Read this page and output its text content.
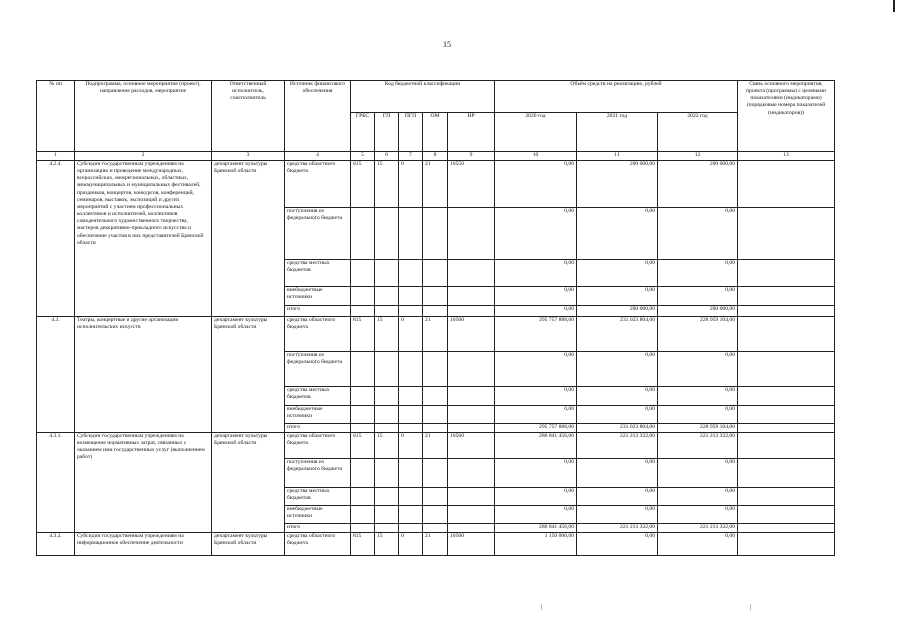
15
№ пп	Подпрограмма, основное мероприятие (проект), направление расходов, мероприятие	Ответственный исполнитель, соисполнитель	Источник финансового обеспечения	Код бюджетной классификации					Объём средств на реализацию, рублей			Связь основного мероприятия, проекта (программы) с целевыми показателями (индикаторами) (порядковые номера показателей (индикаторов))
				ГРБС	ГП	ПГП	ОМ	НР	2020 год	2021 год	2022 год	
1	2	3	4	5	6	7	8	9	10	11	12	13
4.2.4.	Субсидии государственным учреждениям на организацию и проведение международных, всероссийских, межрегиональных, областных, межмуниципальных и муниципальных фестивалей, праздников, концертов, конкурсов, конференций, семинаров, выставок, экспозиций и других мероприятий с участием профессиональных коллективов и исполнителей, коллективов самодеятельного художественного творчества, мастеров декоративно-прикладного искусства и обеспечение участия в них представителей Брянской области	департамент культуры Брянской области	средства областного бюджета	815	15	0	21	10550	0,00	200 000,00	200 000,00	
			поступления из федерального бюджета						0,00	0,00	0,00	
			средства местных бюджетов						0,00	0,00	0,00	
			внебюджетные источники						0,00	0,00	0,00	
			итого						0,00	200 000,00	200 000,00	
4.3.	Театры, концертные и другие организации исполнительских искусств	департамент культуры Брянской области	средства областного бюджета	815	15	0	21	10560	295 757 888,00	231 023 804,00	228 959 104,00	
			поступления из федерального бюджета						0,00	0,00	0,00	
			средства местных бюджетов						0,00	0,00	0,00	
			внебюджетные источники						0,00	0,00	0,00	
			итого						295 757 888,00	231 023 804,00	228 959 104,00	
4.3.1.	Субсидии государственным учреждениям на возмещение нормативных затрат, связанных с оказанием ими государственных услуг (выполнением работ)	департамент культуры Брянской области	средства областного бюджета	815	15	0	21	10560	286 841 456,00	221 213 332,00	221 213 332,00	
			поступления из федерального бюджета						0,00	0,00	0,00	
			средства местных бюджетов						0,00	0,00	0,00	
			внебюджетные источники						0,00	0,00	0,00	
			итого						286 841 456,00	221 213 332,00	221 213 332,00	
4.3.2.	Субсидии государственным учреждениям на информационное обеспечение деятельности	департамент культуры Брянской области	средства областного бюджета	815	15	0	21	10560	1 150 000,00	0,00	0,00	
